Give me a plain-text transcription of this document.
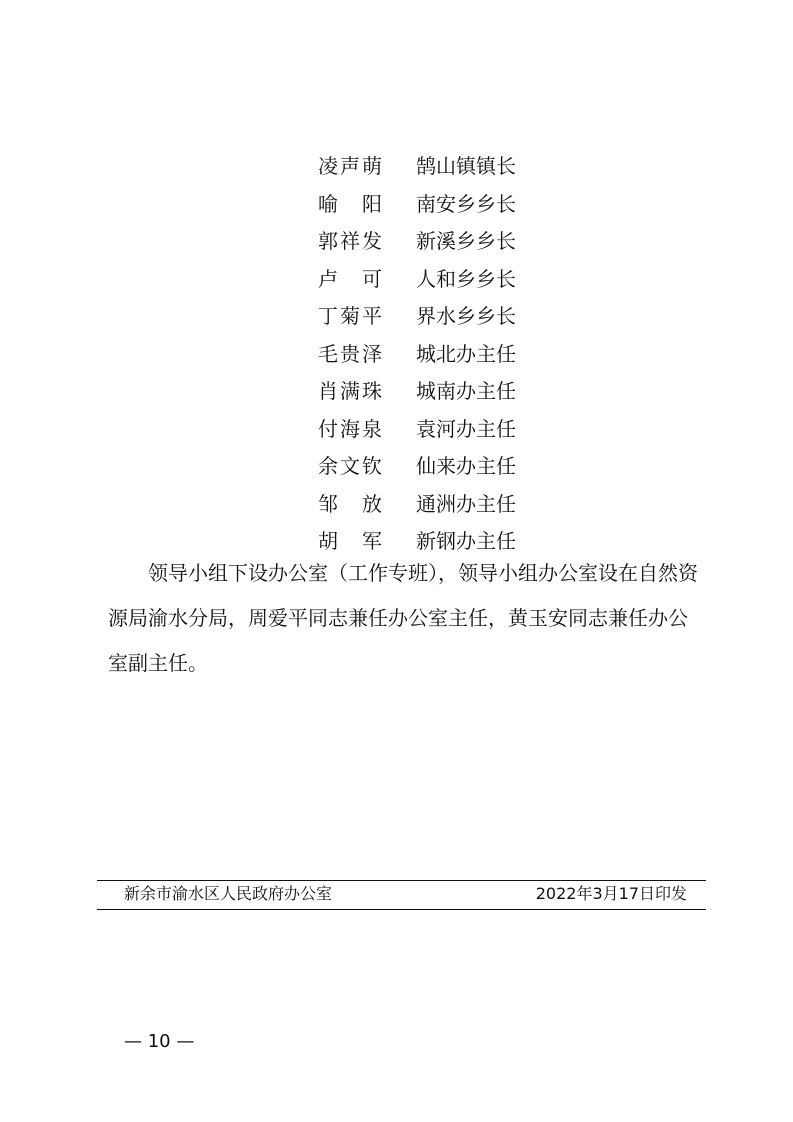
凌声萌 鹄山镇镇长
喻阳 南安乡乡长
郭祥发 新溪乡乡长
卢可 人和乡乡长
丁菊平 界水乡乡长
毛贵泽 城北办主任
肖满珠 城南办主任
付海泉 袁河办主任
余文钦 仙来办主任
邹放 通洲办主任
胡军 新钢办主任

领导小组下设办公室（工作专班），领导小组办公室设在自然资源局渝水分局，周爱平同志兼任办公室主任，黄玉安同志兼任办公室副主任。

新余市渝水区人民政府办公室	2022年3月17日印发
— 10 —
